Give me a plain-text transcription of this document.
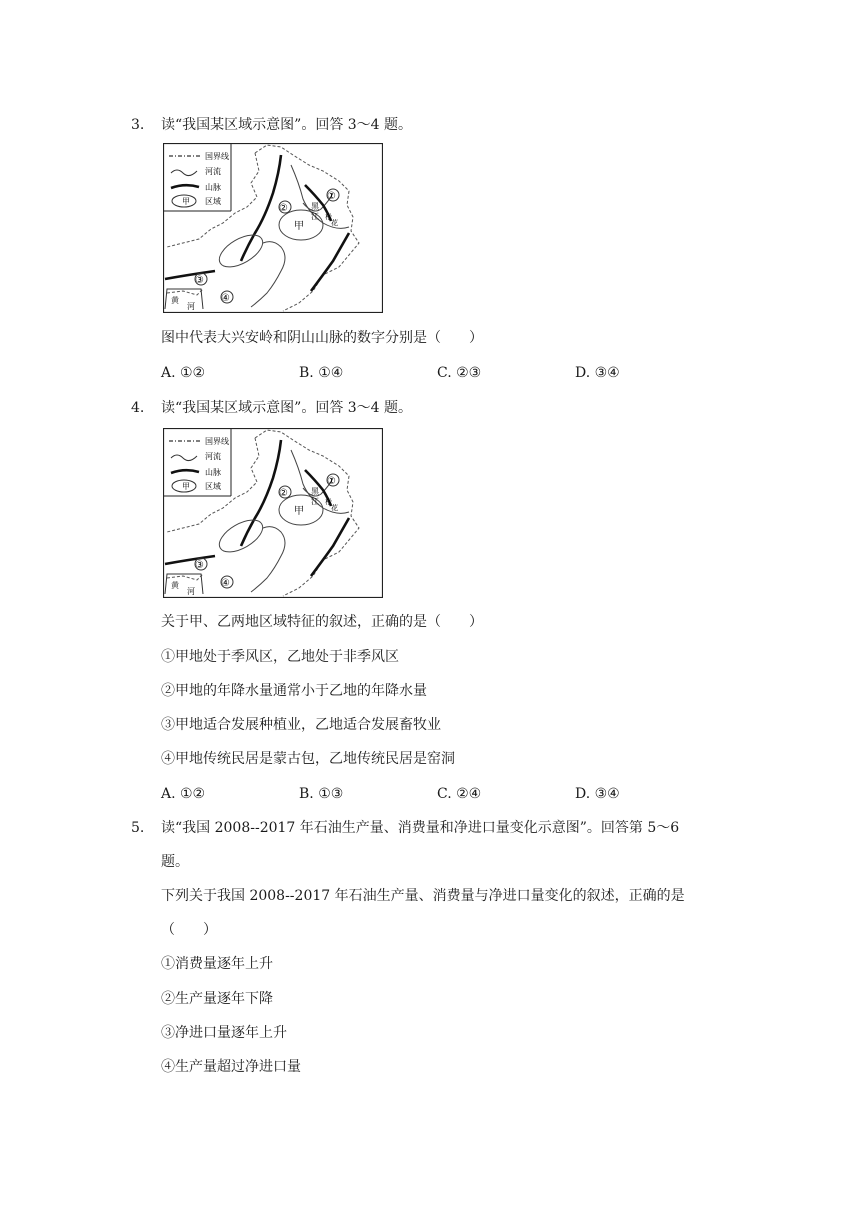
3. 读“我国某区域示意图”。回答 3～4 题。
甲
国界线
河流
山脉
区域
甲
①
②
③
④
黄
河
黑
江 松
花
图中代表大兴安岭和阴山山脉的数字分别是（　　）
A. ①②	B. ①④	C. ②③	D. ③④
4. 读“我国某区域示意图”。回答 3～4 题。
甲
国界线
河流
山脉
区域
甲
①
②
③
④
黄
河
黑
江 松
花
关于甲、乙两地区域特征的叙述，正确的是（　　）
①甲地处于季风区，乙地处于非季风区
②甲地的年降水量通常小于乙地的年降水量
③甲地适合发展种植业，乙地适合发展畜牧业
④甲地传统民居是蒙古包，乙地传统民居是窑洞
A. ①②	B. ①③	C. ②④	D. ③④
5. 读“我国 2008--2017 年石油生产量、消费量和净进口量变化示意图”。回答第 5～6
题。
下列关于我国 2008--2017 年石油生产量、消费量与净进口量变化的叙述，正确的是
（　　）
①消费量逐年上升
②生产量逐年下降
③净进口量逐年上升
④生产量超过净进口量
